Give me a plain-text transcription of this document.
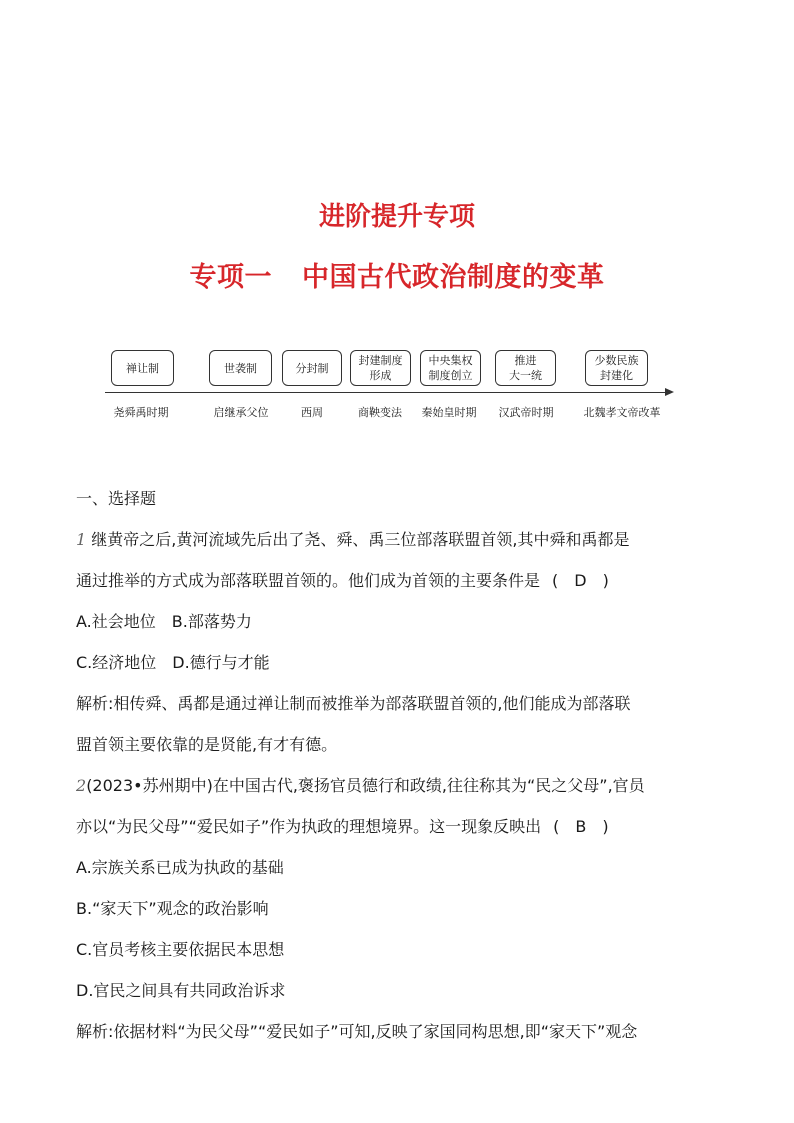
进阶提升专项
专项一 中国古代政治制度的变革
禅让制	世袭制	分封制
封建制度
形成
中央集权
制度创立
推进
大一统
少数民族
封建化
尧舜禹时期	启继承父位	西周	商鞅变法 秦始皇时期 汉武帝时期	北魏孝文帝改革
一、选择题
1 继黄帝之后,黄河流域先后出了尧、舜、禹三位部落联盟首领,其中舜和禹都是
通过推举的方式成为部落联盟首领的。他们成为首领的主要条件是 (　D　)
A.社会地位　B.部落势力
C.经济地位　D.德行与才能
解析:相传舜、禹都是通过禅让制而被推举为部落联盟首领的,他们能成为部落联
盟首领主要依靠的是贤能,有才有德。
2(2023•苏州期中)在中国古代,褒扬官员德行和政绩,往往称其为“民之父母”,官员
亦以“为民父母”“爱民如子”作为执政的理想境界。这一现象反映出 (　B　)
A.宗族关系已成为执政的基础
B.“家天下”观念的政治影响
C.官员考核主要依据民本思想
D.官民之间具有共同政治诉求
解析:依据材料“为民父母”“爱民如子”可知,反映了家国同构思想,即“家天下”观念
